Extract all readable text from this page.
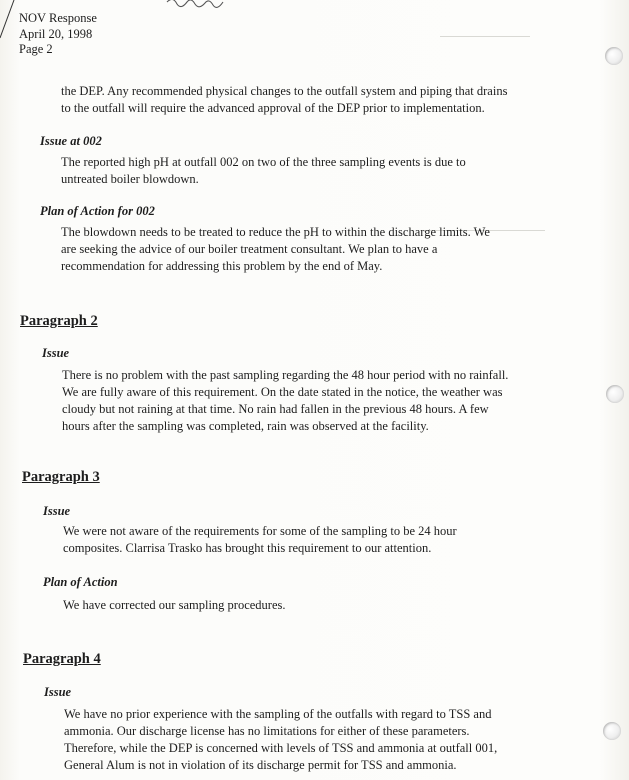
NOV Response
April 20, 1998
Page 2
the DEP. Any recommended physical changes to the outfall system and piping that drains
to the outfall will require the advanced approval of the DEP prior to implementation.
Issue at 002
The reported high pH at outfall 002 on two of the three sampling events is due to
untreated boiler blowdown.
Plan of Action for 002
The blowdown needs to be treated to reduce the pH to within the discharge limits. We
are seeking the advice of our boiler treatment consultant. We plan to have a
recommendation for addressing this problem by the end of May.
Paragraph 2
Issue
There is no problem with the past sampling regarding the 48 hour period with no rainfall.
We are fully aware of this requirement. On the date stated in the notice, the weather was
cloudy but not raining at that time. No rain had fallen in the previous 48 hours. A few
hours after the sampling was completed, rain was observed at the facility.
Paragraph 3
Issue
We were not aware of the requirements for some of the sampling to be 24 hour
composites. Clarrisa Trasko has brought this requirement to our attention.
Plan of Action
We have corrected our sampling procedures.
Paragraph 4
Issue
We have no prior experience with the sampling of the outfalls with regard to TSS and
ammonia. Our discharge license has no limitations for either of these parameters.
Therefore, while the DEP is concerned with levels of TSS and ammonia at outfall 001,
General Alum is not in violation of its discharge permit for TSS and ammonia.
